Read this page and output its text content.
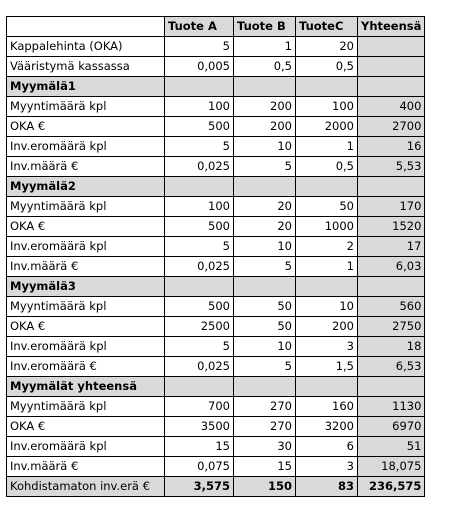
	Tuote A	Tuote B	TuoteC	Yhteensä
Kappalehinta (OKA)	5	1	20	
Vääristymä kassassa	0,005	0,5	0,5	
Myymälä1				
Myyntimäärä kpl	100	200	100	400
OKA €	500	200	2000	2700
Inv.eromäärä kpl	5	10	1	16
Inv.määrä €	0,025	5	0,5	5,53
Myymälä2				
Myyntimäärä kpl	100	20	50	170
OKA €	500	20	1000	1520
Inv.eromäärä kpl	5	10	2	17
Inv.määrä €	0,025	5	1	6,03
Myymälä3				
Myyntimäärä kpl	500	50	10	560
OKA €	2500	50	200	2750
Inv.eromäärä kpl	5	10	3	18
Inv.eromäärä €	0,025	5	1,5	6,53
Myymälät yhteensä				
Myyntimäärä kpl	700	270	160	1130
OKA €	3500	270	3200	6970
Inv.eromäärä kpl	15	30	6	51
Inv.määrä €	0,075	15	3	18,075
Kohdistamaton inv.erä €	3,575	150	83	236,575
